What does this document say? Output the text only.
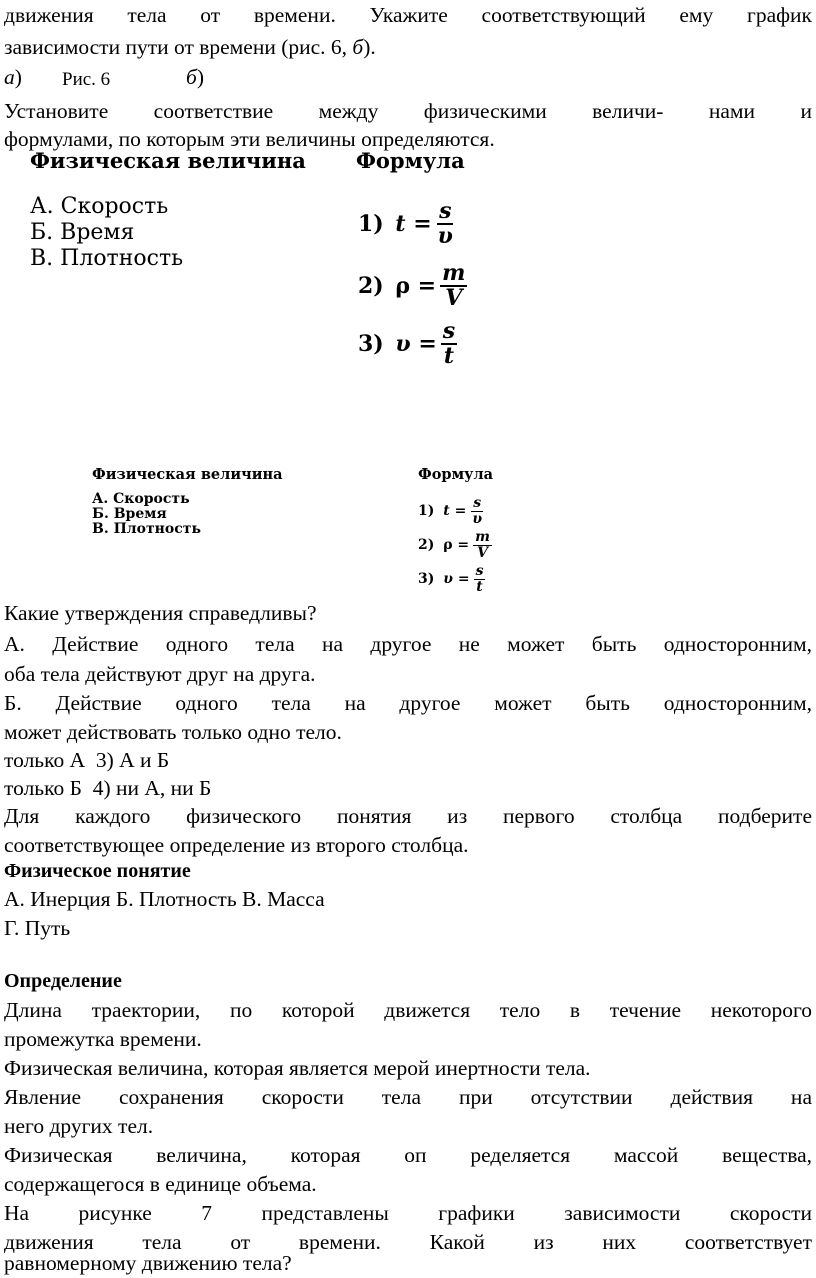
движения тела от времени. Укажите соответствующий ему график
зависимости пути от времени (рис. 6, б).
а) Рис. 6	б)
Установите соответствие между физическими величи- нами и
формулами, по которым эти величины определяются.
Физическая величина Формула
А. Скорость
Б. Время
В. Плотность
1)
$t = \frac{s}{\upsilon}$
2)
$\rho = \frac{m}{V}$
3)
$\upsilon = \frac{s}{t}$
Физическая величина	Формула
А. Скорость
Б. Время
В. Плотность
1)
$t = \frac{s}{\upsilon}$
2)
$\rho = \frac{m}{V}$
3)
$\upsilon = \frac{s}{t}$
Какие утверждения справедливы?
А. Действие одного тела на другое не может быть односторонним,
оба тела действуют друг на друга.
Б. Действие одного тела на другое может быть односторонним,
может действовать только одно тело.
только А  3) А и Б
только Б  4) ни А, ни Б
Для каждого физического понятия из первого столбца подберите
соответствующее определение из второго столбца.
Физическое понятие
А. Инерция Б. Плотность В. Масса
Г. Путь
Определение
Длина траектории, по которой движется тело в течение некоторого
промежутка времени.
Физическая величина, которая является мерой инертности тела.
Явление сохранения скорости тела при отсутствии действия на
него других тел.
Физическая величина, которая оп ределяется массой вещества,
содержащегося в единице объема.
На рисунке 7 представлены графики зависимости скорости
движения тела от времени. Какой из них соответствует
равномерному движению тела?
